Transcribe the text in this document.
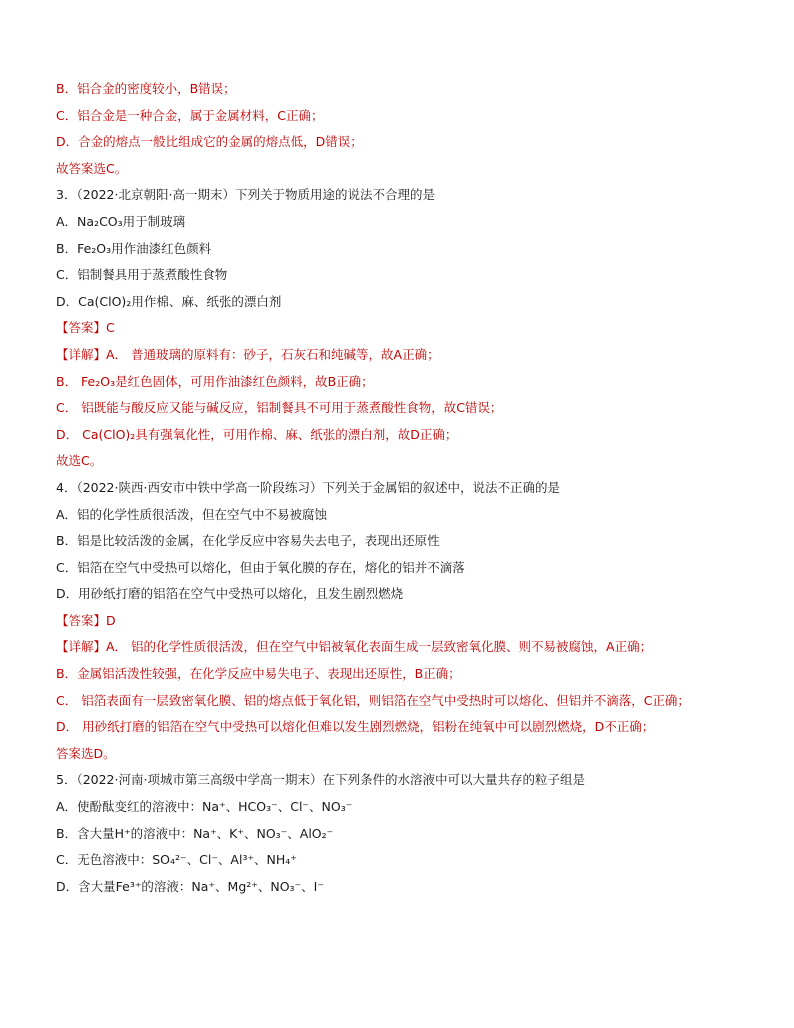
B．铝合金的密度较小，B错误；
C．铝合金是一种合金，属于金属材料，C正确；
D．合金的熔点一般比组成它的金属的熔点低，D错误；
故答案选C。
3．（2022·北京朝阳·高一期末）下列关于物质用途的说法不合理的是
A．Na₂CO₃用于制玻璃
B．Fe₂O₃用作油漆红色颜料
C．铝制餐具用于蒸煮酸性食物
D．Ca(ClO)₂用作棉、麻、纸张的漂白剂
【答案】C
【详解】A． 普通玻璃的原料有：砂子，石灰石和纯碱等，故A正确；
B． Fe₂O₃是红色固体，可用作油漆红色颜料，故B正确；
C． 铝既能与酸反应又能与碱反应，铝制餐具不可用于蒸煮酸性食物，故C错误；
D． Ca(ClO)₂具有强氧化性，可用作棉、麻、纸张的漂白剂，故D正确；
故选C。
4．（2022·陕西·西安市中铁中学高一阶段练习）下列关于金属铝的叙述中，说法不正确的是
A．铝的化学性质很活泼，但在空气中不易被腐蚀
B．铝是比较活泼的金属，在化学反应中容易失去电子，表现出还原性
C．铝箔在空气中受热可以熔化，但由于氧化膜的存在，熔化的铝并不滴落
D．用砂纸打磨的铝箔在空气中受热可以熔化，且发生剧烈燃烧
【答案】D
【详解】A． 铝的化学性质很活泼，但在空气中铝被氧化表面生成一层致密氧化膜、则不易被腐蚀，A正确；
B．金属铝活泼性较强，在化学反应中易失电子、表现出还原性，B正确；
C． 铝箔表面有一层致密氧化膜、铝的熔点低于氧化铝，则铝箔在空气中受热时可以熔化、但铝并不滴落，C正确；
D． 用砂纸打磨的铝箔在空气中受热可以熔化但难以发生剧烈燃烧，铝粉在纯氧中可以剧烈燃烧，D不正确；
答案选D。
5．（2022·河南·项城市第三高级中学高一期末）在下列条件的水溶液中可以大量共存的粒子组是
A．使酚酞变红的溶液中：Na⁺、HCO₃⁻、Cl⁻、NO₃⁻
B．含大量H⁺的溶液中：Na⁺、K⁺、NO₃⁻、AlO₂⁻
C．无色溶液中：SO₄²⁻、Cl⁻、Al³⁺、NH₄⁺
D．含大量Fe³⁺的溶液：Na⁺、Mg²⁺、NO₃⁻、I⁻
